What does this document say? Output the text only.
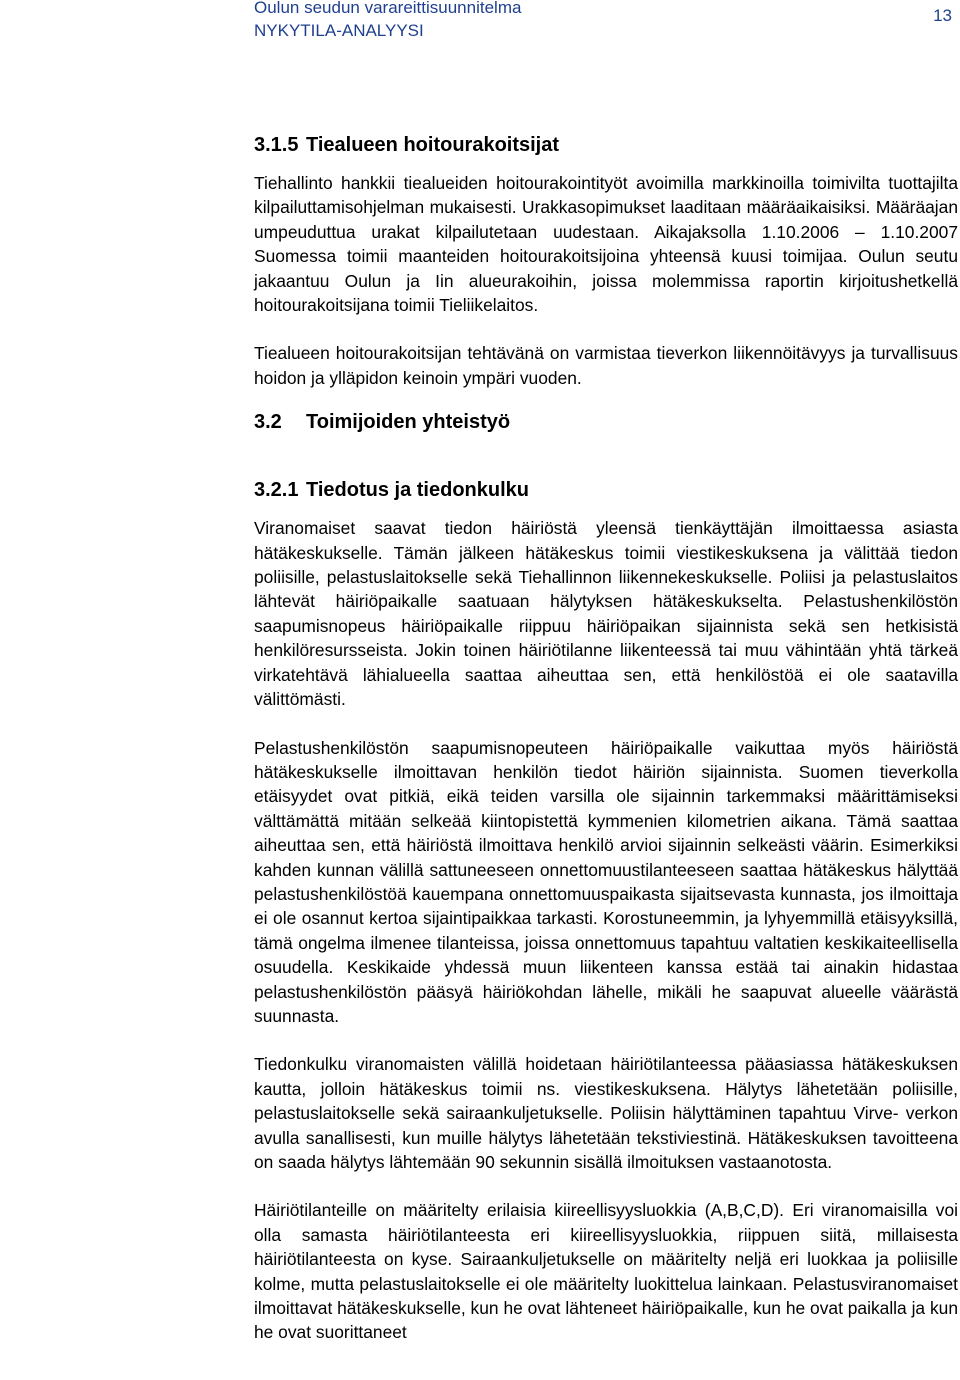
Oulun seudun varareittisuunnitelma
NYKYTILA-ANALYYSI
13
3.1.5 Tiealueen hoitourakoitsijat

Tiehallinto hankkii tiealueiden hoitourakointityöt avoimilla markkinoilla toimivilta tuottajilta kilpailuttamisohjelman mukaisesti. Urakkasopimukset laaditaan määräaikaisiksi. Määräajan umpeuduttua urakat kilpailutetaan uudestaan. Aikajaksolla 1.10.2006 – 1.10.2007 Suomessa toimii maanteiden hoitourakoitsijoina yhteensä kuusi toimijaa. Oulun seutu jakaantuu Oulun ja Iin alueurakoihin, joissa molemmissa raportin kirjoitushetkellä hoitourakoitsijana toimii Tieliikelaitos.

Tiealueen hoitourakoitsijan tehtävänä on varmistaa tieverkon liikennöitävyys ja turvallisuus hoidon ja ylläpidon keinoin ympäri vuoden.

3.2 Toimijoiden yhteistyö
3.2.1 Tiedotus ja tiedonkulku

Viranomaiset saavat tiedon häiriöstä yleensä tienkäyttäjän ilmoittaessa asiasta hätäkeskukselle. Tämän jälkeen hätäkeskus toimii viestikeskuksena ja välittää tiedon poliisille, pelastuslaitokselle sekä Tiehallinnon liikennekeskukselle. Poliisi ja pelastuslaitos lähtevät häiriöpaikalle saatuaan hälytyksen hätäkeskukselta. Pelastushenkilöstön saapumisnopeus häiriöpaikalle riippuu häiriöpaikan sijainnista sekä sen hetkisistä henkilöresursseista. Jokin toinen häiriötilanne liikenteessä tai muu vähintään yhtä tärkeä virkatehtävä lähialueella saattaa aiheuttaa sen, että henkilöstöä ei ole saatavilla välittömästi.

Pelastushenkilöstön saapumisnopeuteen häiriöpaikalle vaikuttaa myös häiriöstä hätäkeskukselle ilmoittavan henkilön tiedot häiriön sijainnista. Suomen tieverkolla etäisyydet ovat pitkiä, eikä teiden varsilla ole sijainnin tarkemmaksi määrittämiseksi välttämättä mitään selkeää kiintopistettä kymmenien kilometrien aikana. Tämä saattaa aiheuttaa sen, että häiriöstä ilmoittava henkilö arvioi sijainnin selkeästi väärin. Esimerkiksi kahden kunnan välillä sattuneeseen onnettomuustilanteeseen saattaa hätäkeskus hälyttää pelastushenkilöstöä kauempana onnettomuuspaikasta sijaitsevasta kunnasta, jos ilmoittaja ei ole osannut kertoa sijaintipaikkaa tarkasti. Korostuneemmin, ja lyhyemmillä etäisyyksillä, tämä ongelma ilmenee tilanteissa, joissa onnettomuus tapahtuu valtatien keskikaiteellisella osuudella. Keskikaide yhdessä muun liikenteen kanssa estää tai ainakin hidastaa pelastushenkilöstön pääsyä häiriökohdan lähelle, mikäli he saapuvat alueelle väärästä suunnasta.

Tiedonkulku viranomaisten välillä hoidetaan häiriötilanteessa pääasiassa hätäkeskuksen kautta, jolloin hätäkeskus toimii ns. viestikeskuksena. Hälytys lähetetään poliisille, pelastuslaitokselle sekä sairaankuljetukselle. Poliisin hälyttäminen tapahtuu Virve- verkon avulla sanallisesti, kun muille hälytys lähetetään tekstiviestinä. Hätäkeskuksen tavoitteena on saada hälytys lähtemään 90 sekunnin sisällä ilmoituksen vastaanotosta.

Häiriötilanteille on määritelty erilaisia kiireellisyysluokkia (A,B,C,D). Eri viranomaisilla voi olla samasta häiriötilanteesta eri kiireellisyysluokkia, riippuen siitä, millaisesta häiriötilanteesta on kyse. Sairaankuljetukselle on määritelty neljä eri luokkaa ja poliisille kolme, mutta pelastuslaitokselle ei ole määritelty luokittelua lainkaan. Pelastusviranomaiset ilmoittavat hätäkeskukselle, kun he ovat lähteneet häiriöpaikalle, kun he ovat paikalla ja kun he ovat suorittaneet
